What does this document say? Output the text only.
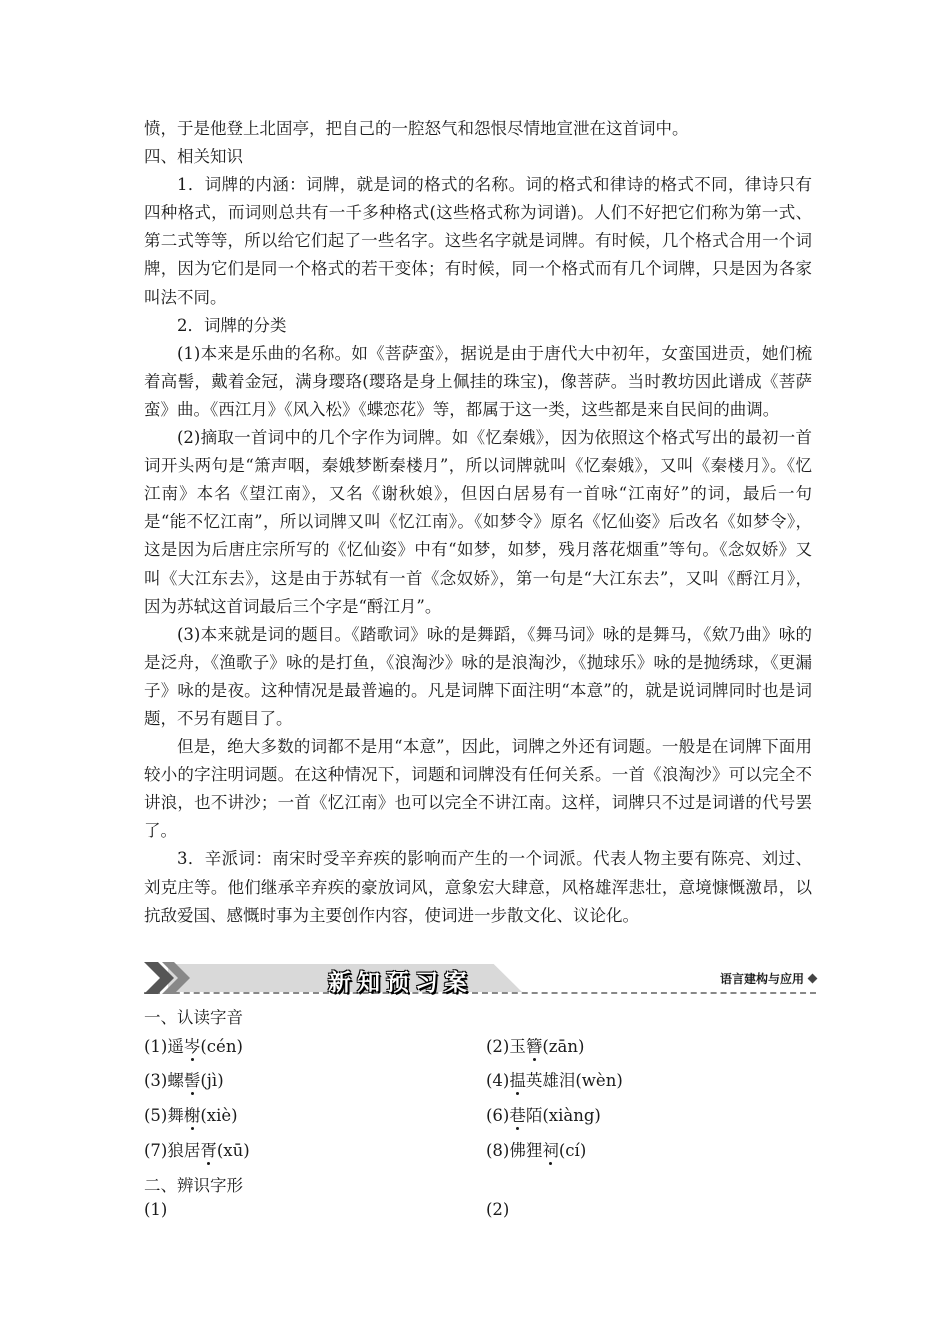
愤，于是他登上北固亭，把自己的一腔怒气和怨恨尽情地宣泄在这首词中。

四、相关知识

1．词牌的内涵：词牌，就是词的格式的名称。词的格式和律诗的格式不同，律诗只有四种格式，而词则总共有一千多种格式(这些格式称为词谱)。人们不好把它们称为第一式、第二式等等，所以给它们起了一些名字。这些名字就是词牌。有时候，几个格式合用一个词牌，因为它们是同一个格式的若干变体；有时候，同一个格式而有几个词牌，只是因为各家叫法不同。

2．词牌的分类

(1)本来是乐曲的名称。如《菩萨蛮》，据说是由于唐代大中初年，女蛮国进贡，她们梳着高髻，戴着金冠，满身璎珞(璎珞是身上佩挂的珠宝)，像菩萨。当时教坊因此谱成《菩萨蛮》曲。《西江月》《风入松》《蝶恋花》等，都属于这一类，这些都是来自民间的曲调。

(2)摘取一首词中的几个字作为词牌。如《忆秦娥》，因为依照这个格式写出的最初一首词开头两句是“箫声咽，秦娥梦断秦楼月”，所以词牌就叫《忆秦娥》，又叫《秦楼月》。《忆江南》本名《望江南》，又名《谢秋娘》，但因白居易有一首咏“江南好”的词，最后一句是“能不忆江南”，所以词牌又叫《忆江南》。《如梦令》原名《忆仙姿》后改名《如梦令》，这是因为后唐庄宗所写的《忆仙姿》中有“如梦，如梦，残月落花烟重”等句。《念奴娇》又叫《大江东去》，这是由于苏轼有一首《念奴娇》，第一句是“大江东去”，又叫《酹江月》，因为苏轼这首词最后三个字是“酹江月”。

(3)本来就是词的题目。《踏歌词》咏的是舞蹈，《舞马词》咏的是舞马，《欸乃曲》咏的是泛舟，《渔歌子》咏的是打鱼，《浪淘沙》咏的是浪淘沙，《抛球乐》咏的是抛绣球，《更漏子》咏的是夜。这种情况是最普遍的。凡是词牌下面注明“本意”的，就是说词牌同时也是词题，不另有题目了。

但是，绝大多数的词都不是用“本意”，因此，词牌之外还有词题。一般是在词牌下面用较小的字注明词题。在这种情况下，词题和词牌没有任何关系。一首《浪淘沙》可以完全不讲浪，也不讲沙；一首《忆江南》也可以完全不讲江南。这样，词牌只不过是词谱的代号罢了。

3．辛派词：南宋时受辛弃疾的影响而产生的一个词派。代表人物主要有陈亮、刘过、刘克庄等。他们继承辛弃疾的豪放词风，意象宏大肆意，风格雄浑悲壮，意境慷慨激昂，以抗敌爱国、感慨时事为主要创作内容，使词进一步散文化、议论化。

新知预习案	语言建构与应用
一、认读字音
(1)遥岑(cén)	(2)玉簪(zān)
(3)螺髻(jì)	(4)揾英雄泪(wèn)
(5)舞榭(xiè)	(6)巷陌(xiàng)
(7)狼居胥(xū)	(8)佛狸祠(cí)
二、辨识字形
(1)	(2)
